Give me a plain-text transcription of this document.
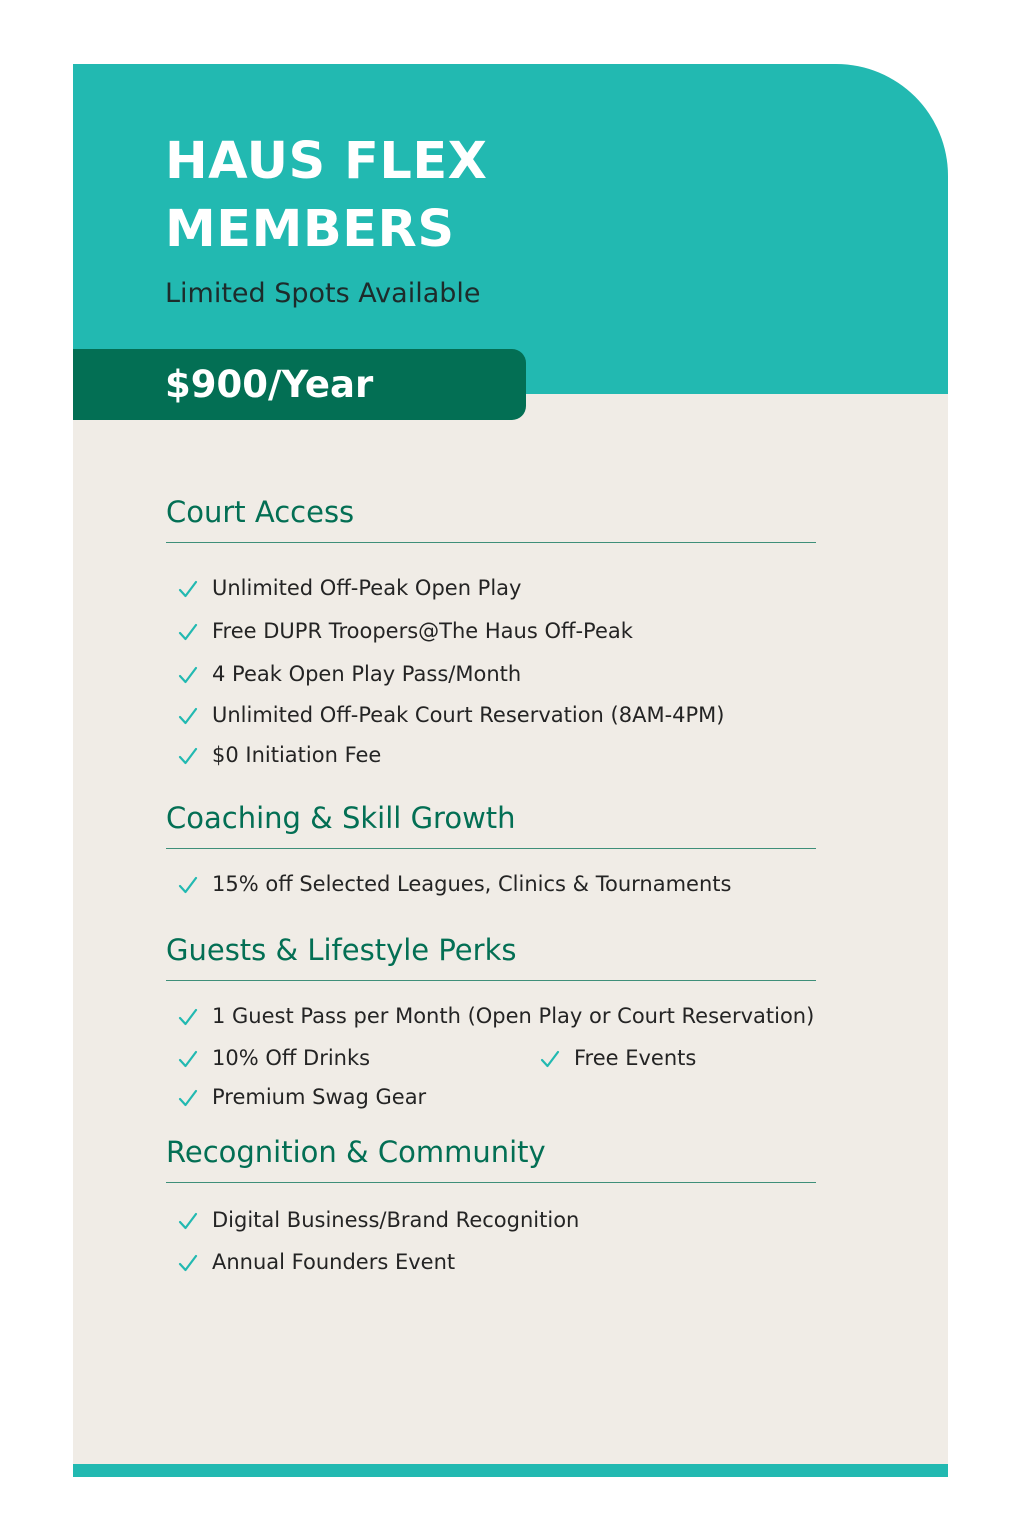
HAUS FLEX
MEMBERS
Limited Spots Available
$900/Year
Court Access
Unlimited Off-Peak Open Play
Free DUPR Troopers@The Haus Off-Peak
4 Peak Open Play Pass/Month
Unlimited Off-Peak Court Reservation (8AM-4PM)
$0 Initiation Fee
Coaching & Skill Growth
15% off Selected Leagues, Clinics & Tournaments
Guests & Lifestyle Perks
1 Guest Pass per Month (Open Play or Court Reservation)
10% Off Drinks	Free Events
Premium Swag Gear
Recognition & Community
Digital Business/Brand Recognition
Annual Founders Event
